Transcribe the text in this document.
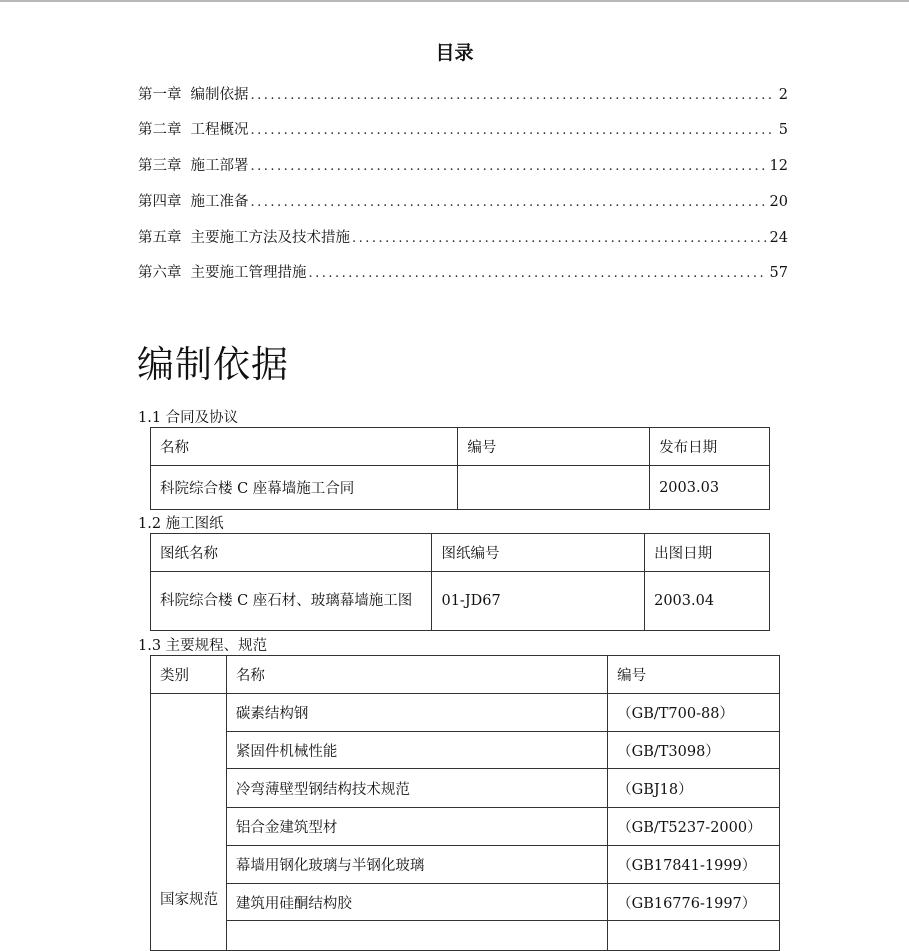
目录
第一章 编制依据 .....	2
第二章 工程概况 .....	5
第三章 施工部署 .....	12
第四章 施工准备 .....	20
第五章 主要施工方法及技术措施 .....	24
第六章 主要施工管理措施 .....	57
编制依据
1.1 合同及协议
名称	编号	发布日期
科院综合楼 C 座幕墙施工合同		2003.03
1.2 施工图纸
图纸名称	图纸编号	出图日期
科院综合楼 C 座石材、玻璃幕墙施工图	01-JD67	2003.04
1.3 主要规程、规范
类别	名称	编号
国家规范	碳素结构钢	（GB/T700-88）
	紧固件机械性能	（GB/T3098）
	冷弯薄壁型钢结构技术规范	（GBJ18）
	铝合金建筑型材	（GB/T5237-2000）
	幕墙用钢化玻璃与半钢化玻璃	（GB17841-1999）
	建筑用硅酮结构胶	（GB16776-1997）
